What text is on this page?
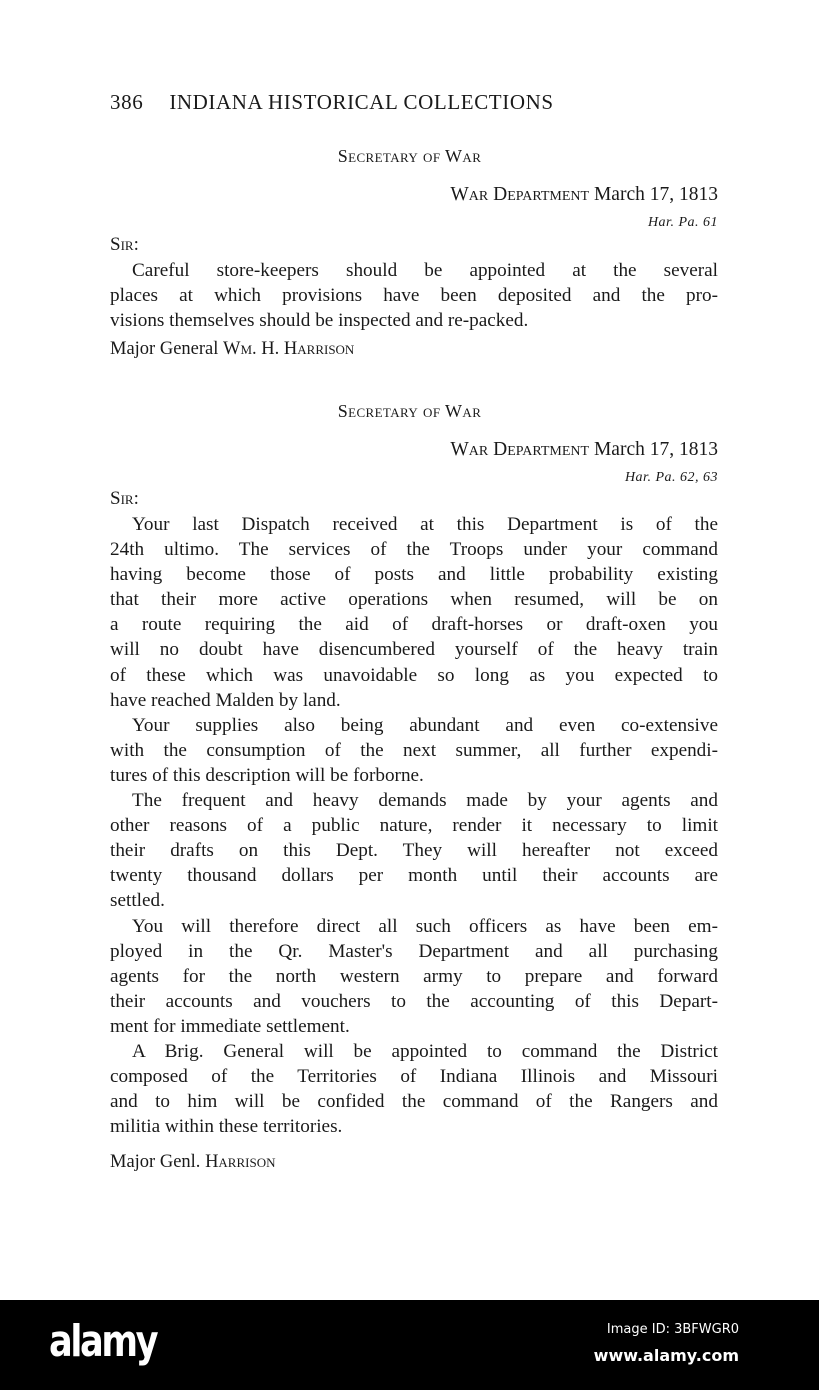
386 INDIANA HISTORICAL COLLECTIONS
Secretary of War
War Department March 17, 1813
Har. Pa. 61
Sir:
Careful store-keepers should be appointed at the several
places at which provisions have been deposited and the pro-
visions themselves should be inspected and re-packed.
Major General Wm. H. Harrison
Secretary of War
War Department March 17, 1813
Har. Pa. 62, 63
Sir:
Your last Dispatch received at this Department is of the
24th ultimo. The services of the Troops under your command
having become those of posts and little probability existing
that their more active operations when resumed, will be on
a route requiring the aid of draft-horses or draft-oxen you
will no doubt have disencumbered yourself of the heavy train
of these which was unavoidable so long as you expected to
have reached Malden by land.
Your supplies also being abundant and even co-extensive
with the consumption of the next summer, all further expendi-
tures of this description will be forborne.
The frequent and heavy demands made by your agents and
other reasons of a public nature, render it necessary to limit
their drafts on this Dept. They will hereafter not exceed
twenty thousand dollars per month until their accounts are
settled.
You will therefore direct all such officers as have been em-
ployed in the Qr. Master's Department and all purchasing
agents for the north western army to prepare and forward
their accounts and vouchers to the accounting of this Depart-
ment for immediate settlement.
A Brig. General will be appointed to command the District
composed of the Territories of Indiana Illinois and Missouri
and to him will be confided the command of the Rangers and
militia within these territories.
Major Genl. Harrison
alamy	Image ID: 3BFWGR0
www.alamy.com
